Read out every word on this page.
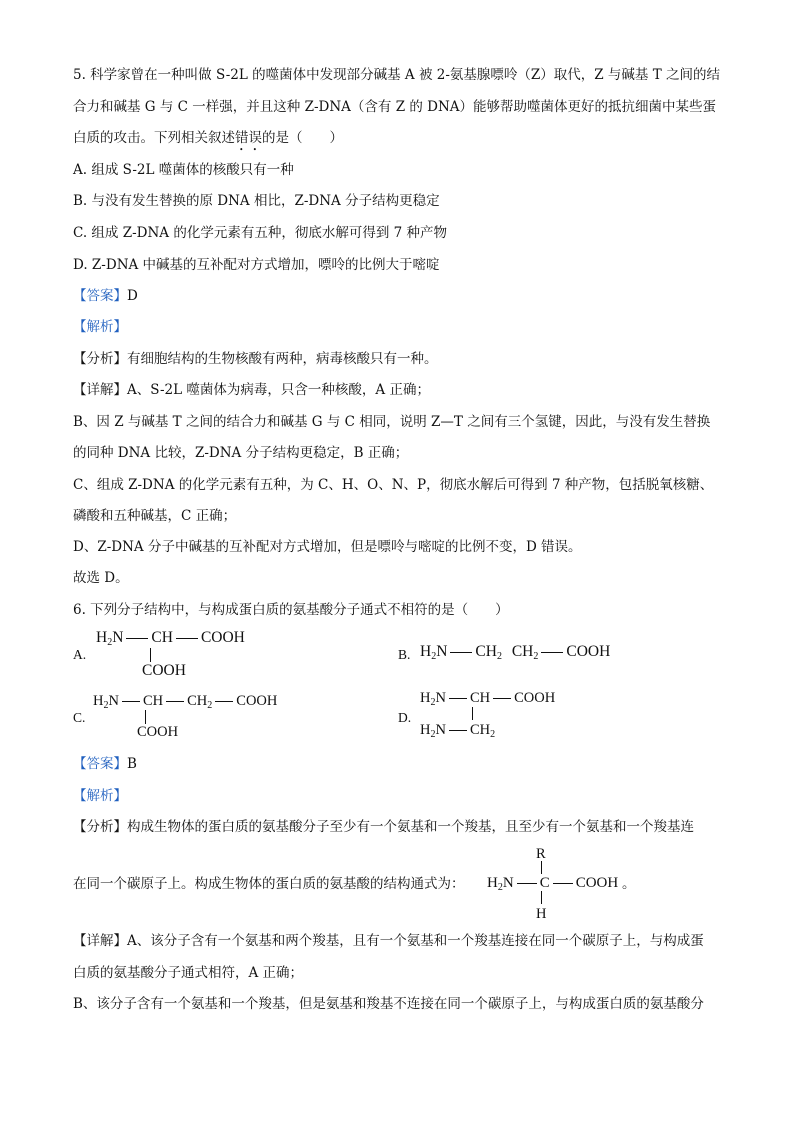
5. 科学家曾在一种叫做 S-2L 的噬菌体中发现部分碱基 A 被 2-氨基腺嘌呤（Z）取代，Z 与碱基 T 之间的结
合力和碱基 G 与 C 一样强，并且这种 Z-DNA（含有 Z 的 DNA）能够帮助噬菌体更好的抵抗细菌中某些蛋
白质的攻击。下列相关叙述错误的是（　　）
A. 组成 S-2L 噬菌体的核酸只有一种
B. 与没有发生替换的原 DNA 相比，Z-DNA 分子结构更稳定
C. 组成 Z-DNA 的化学元素有五种，彻底水解可得到 7 种产物
D. Z-DNA 中碱基的互补配对方式增加，嘌呤的比例大于嘧啶
【答案】D
【解析】
【分析】有细胞结构的生物核酸有两种，病毒核酸只有一种。
【详解】A、S-2L 噬菌体为病毒，只含一种核酸，A 正确；
B、因 Z 与碱基 T 之间的结合力和碱基 G 与 C 相同，说明 Z—T 之间有三个氢键，因此，与没有发生替换
的同种 DNA 比较，Z-DNA 分子结构更稳定，B 正确；
C、组成 Z-DNA 的化学元素有五种，为 C、H、O、N、P，彻底水解后可得到 7 种产物，包括脱氧核糖、
磷酸和五种碱基，C 正确；
D、Z-DNA 分子中碱基的互补配对方式增加，但是嘌呤与嘧啶的比例不变，D 错误。
故选 D。
6. 下列分子结构中，与构成蛋白质的氨基酸分子通式不相符的是（　　）
A.
$H_2N$ CH COOH
COOH
B. $H_2N$ $CH_2$ $CH_2$ COOH
C.
$H_2N$ CH $CH_2$ COOH
COOH
D.
$H_2N$ CH COOH
$H_2N$ $CH_2$
【答案】B
【解析】
【分析】构成生物体的蛋白质的氨基酸分子至少有一个氨基和一个羧基，且至少有一个氨基和一个羧基连
在同一个碳原子上。构成生物体的蛋白质的氨基酸的结构通式为：
R
$H_2N$ C COOH
H
。
【详解】A、该分子含有一个氨基和两个羧基，且有一个氨基和一个羧基连接在同一个碳原子上，与构成蛋
白质的氨基酸分子通式相符，A 正确；
B、该分子含有一个氨基和一个羧基，但是氨基和羧基不连接在同一个碳原子上，与构成蛋白质的氨基酸分
